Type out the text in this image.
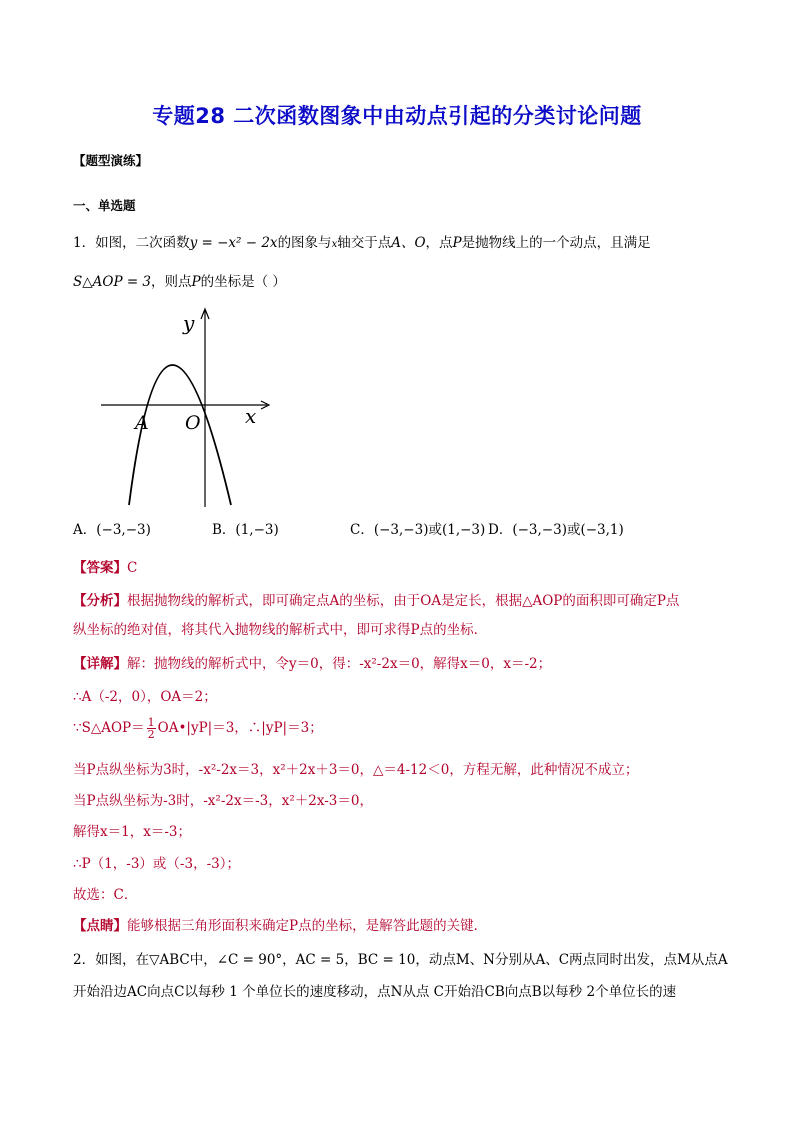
专题28 二次函数图象中由动点引起的分类讨论问题
【题型演练】
一、单选题
1．如图，二次函数y = −x² − 2x的图象与x轴交于点A、O，点P是抛物线上的一个动点，且满足
S△AOP = 3，则点P的坐标是（ ）
y
x
A O
A．(−3,−3)	B．(1,−3)	C．(−3,−3)或(1,−3) D．(−3,−3)或(−3,1)
【答案】C
【分析】根据抛物线的解析式，即可确定点A的坐标，由于OA是定长，根据△AOP的面积即可确定P点
纵坐标的绝对值，将其代入抛物线的解析式中，即可求得P点的坐标．
【详解】解：抛物线的解析式中，令y＝0，得：-x²-2x＝0，解得x＝0，x＝-2；
∴A（-2，0），OA＝2；
∵S△AOP＝ $\frac{1}{2}$ OA•|yP|＝3，∴|yP|＝3；
当P点纵坐标为3时，-x²-2x＝3，x²＋2x＋3＝0，△＝4-12＜0，方程无解，此种情况不成立；
当P点纵坐标为-3时，-x²-2x＝-3，x²＋2x-3＝0，
解得x＝1，x＝-3；
∴P（1，-3）或（-3，-3）；
故选：C．
【点睛】能够根据三角形面积来确定P点的坐标，是解答此题的关键．
2．如图，在▽ABC中，∠C = 90°，AC = 5，BC = 10，动点M、N分别从A、C两点同时出发，点M从点A
开始沿边AC向点C以每秒 1 个单位长的速度移动，点N从点 C开始沿CB向点B以每秒 2个单位长的速
